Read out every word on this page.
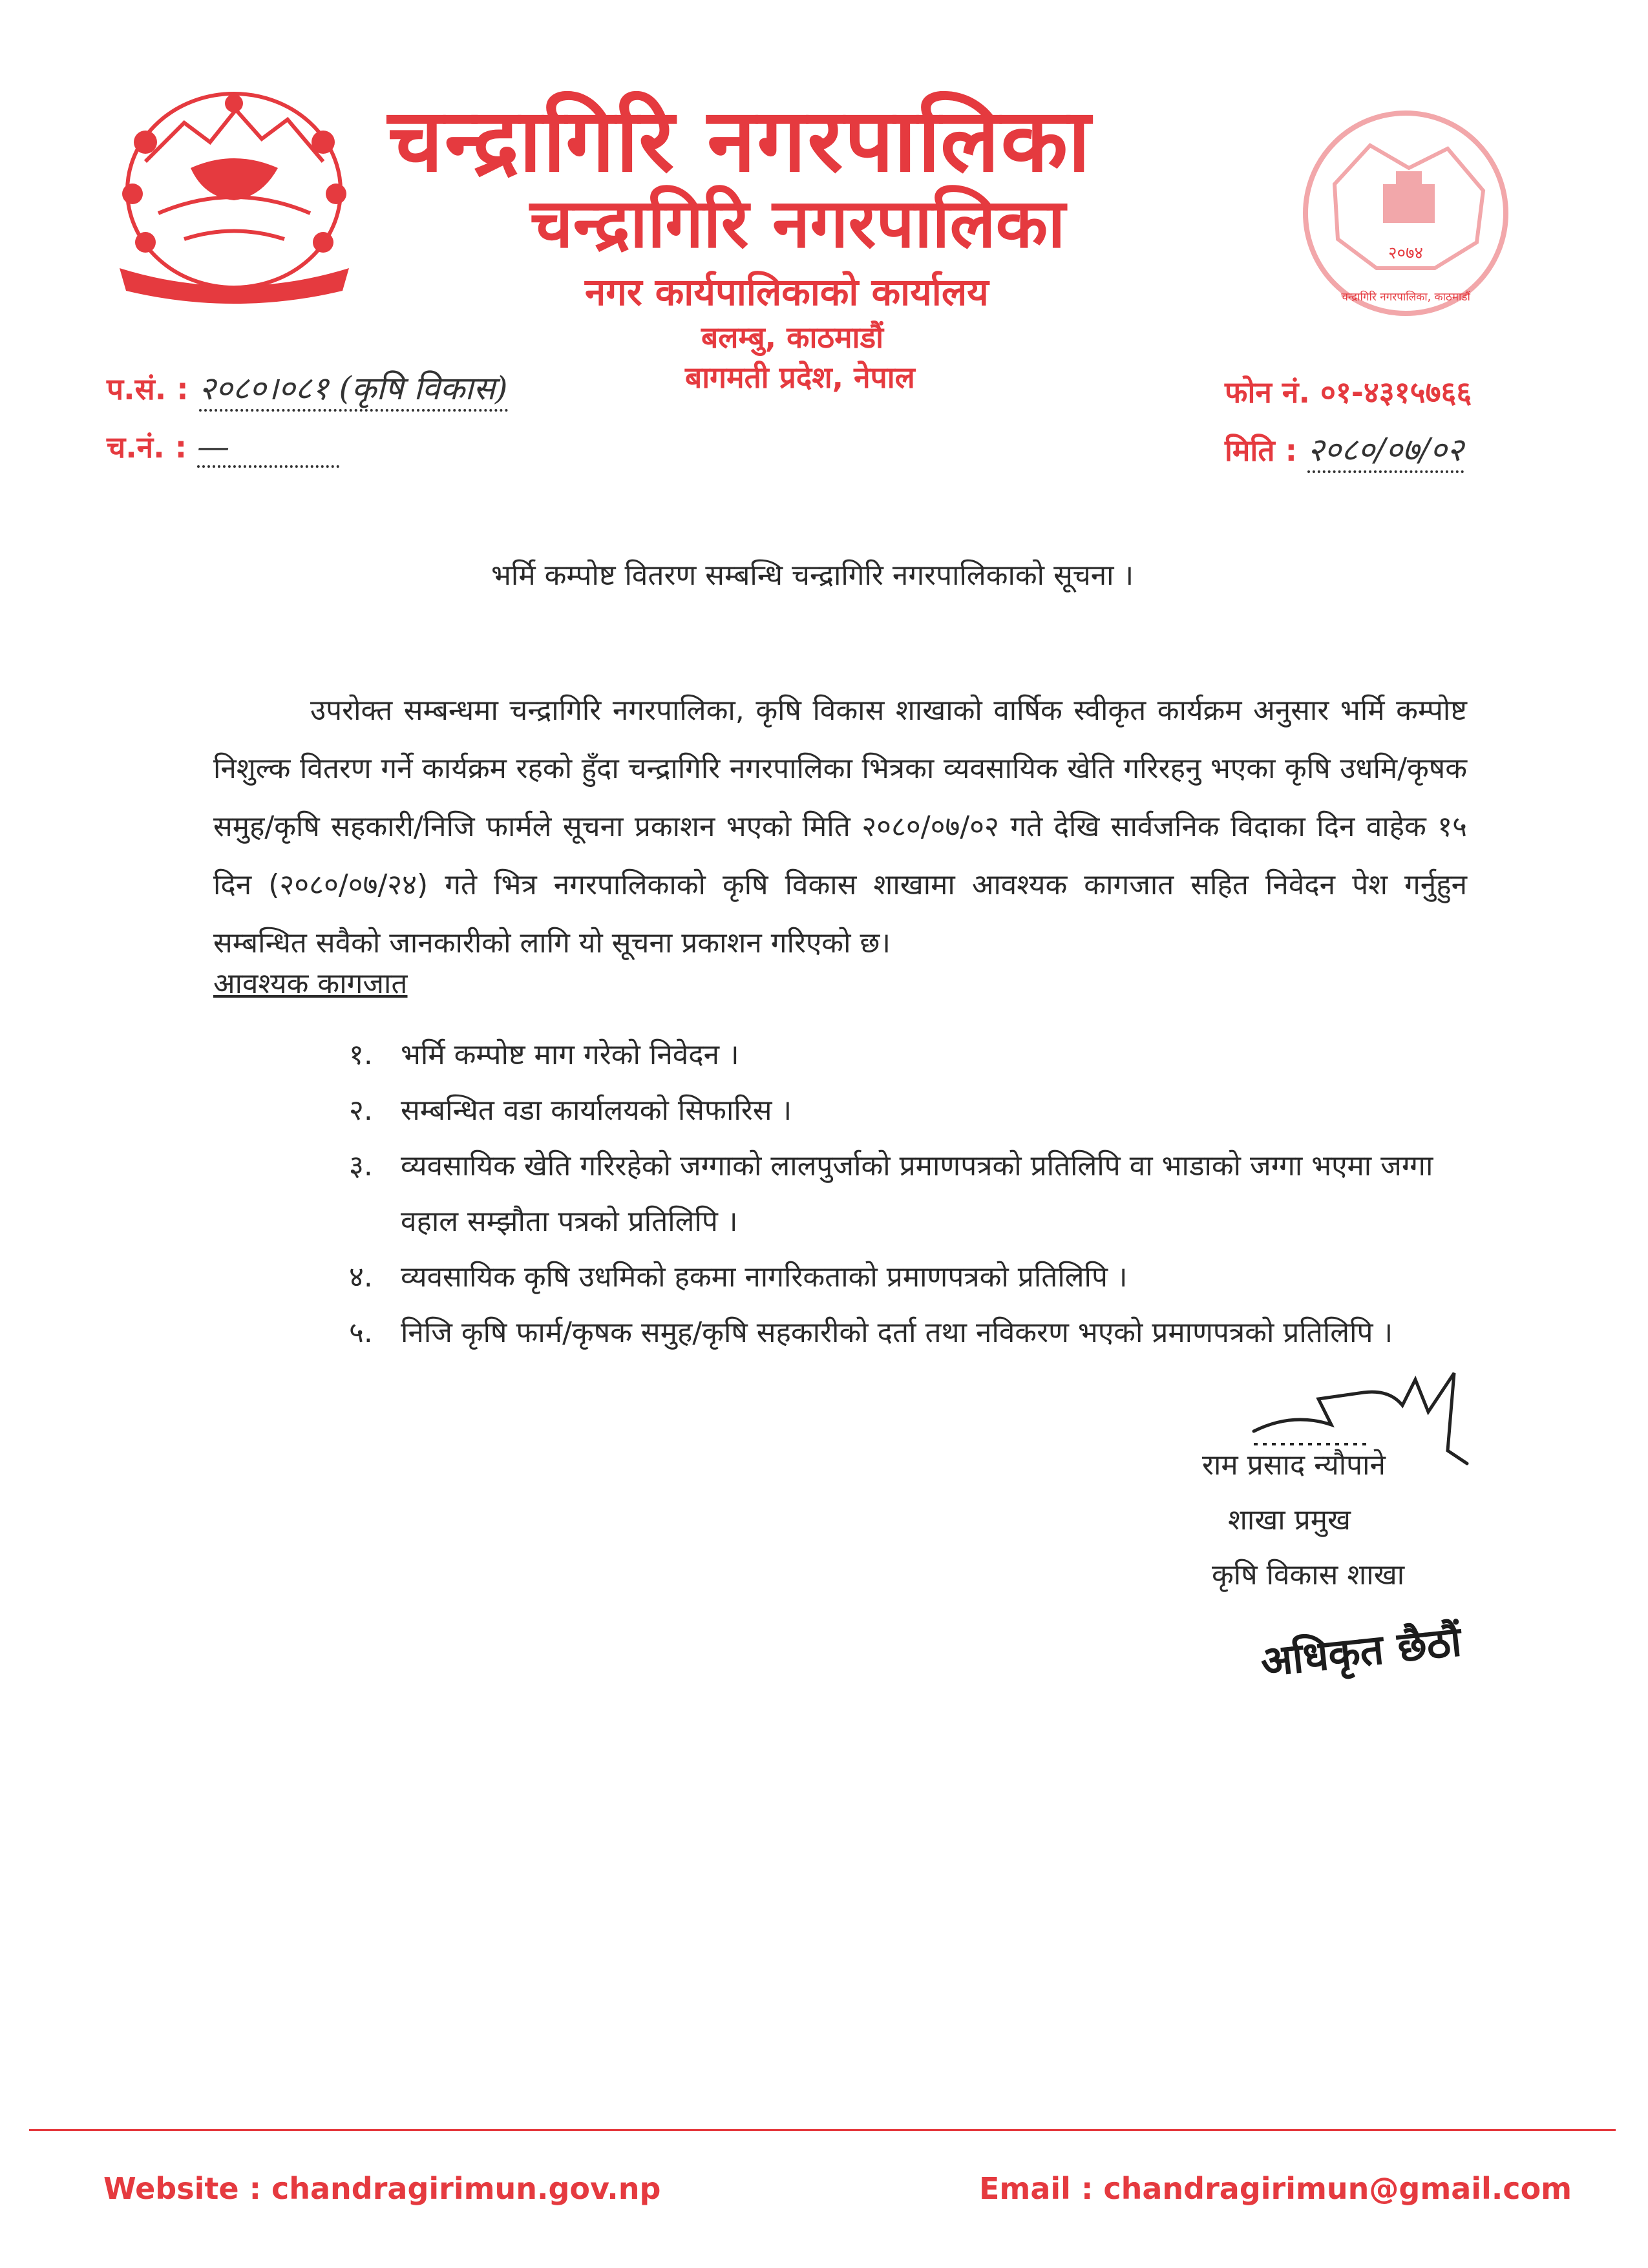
चन्द्रागिरि नगरपालिका
चन्द्रागिरि नगरपालिका
नगर कार्यपालिकाको कार्यालय
बलम्बु, काठमाडौं
बागमती प्रदेश, नेपाल
२०७४
चन्द्रागिरि नगरपालिका, काठमाडौं
प.सं. : २०८०।०८१ (कृषि विकास)
च.नं. : —
फोन नं. ०१-४३१५७६६
मिति : २०८०/०७/०२
भर्मि कम्पोष्ट वितरण सम्बन्धि चन्द्रागिरि नगरपालिकाको सूचना ।

उपरोक्त सम्बन्धमा चन्द्रागिरि नगरपालिका, कृषि विकास शाखाको वार्षिक स्वीकृत कार्यक्रम अनुसार भर्मि कम्पोष्ट निशुल्क वितरण गर्ने कार्यक्रम रहको हुँदा चन्द्रागिरि नगरपालिका भित्रका व्यवसायिक खेति गरिरहनु भएका कृषि उधमि/कृषक समुह/कृषि सहकारी/निजि फार्मले सूचना प्रकाशन भएको मिति २०८०/०७/०२ गते देखि सार्वजनिक विदाका दिन वाहेक १५ दिन (२०८०/०७/२४) गते भित्र नगरपालिकाको कृषि विकास शाखामा आवश्यक कागजात सहित निवेदन पेश गर्नुहुन सम्बन्धित सवैको जानकारीको लागि यो सूचना प्रकाशन गरिएको छ।

आवश्यक कागजात
१. भर्मि कम्पोष्ट माग गरेको निवेदन ।
२. सम्बन्धित वडा कार्यालयको सिफारिस ।
३. व्यवसायिक खेति गरिरहेको जग्गाको लालपुर्जाको प्रमाणपत्रको प्रतिलिपि वा भाडाको जग्गा भएमा जग्गा वहाल सम्झौता पत्रको प्रतिलिपि ।
४. व्यवसायिक कृषि उधमिको हकमा नागरिकताको प्रमाणपत्रको प्रतिलिपि ।
५. निजि कृषि फार्म/कृषक समुह/कृषि सहकारीको दर्ता तथा नविकरण भएको प्रमाणपत्रको प्रतिलिपि ।
राम प्रसाद न्यौपाने
शाखा प्रमुख
कृषि विकास शाखा
अधिकृत छैठौं
Website : chandragirimun.gov.np	Email : chandragirimun@gmail.com
